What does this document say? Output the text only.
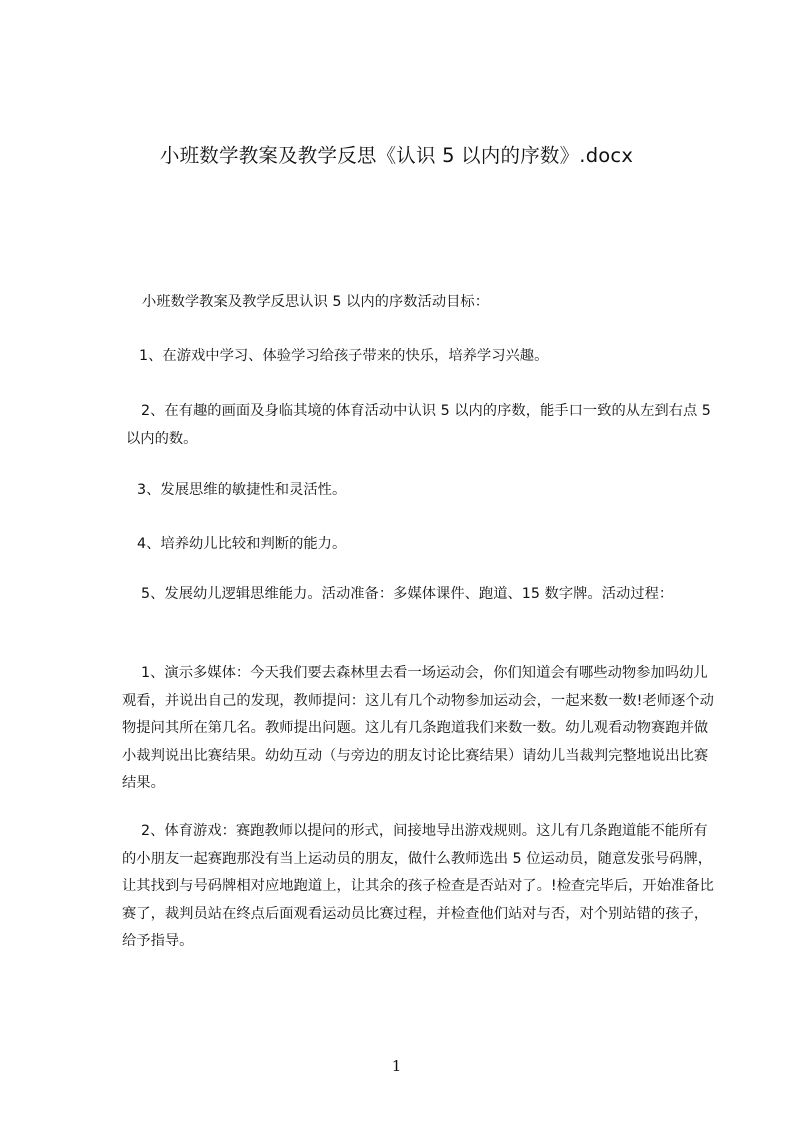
小班数学教案及教学反思《认识 5 以内的序数》.docx

小班数学教案及教学反思认识 5 以内的序数活动目标：

1、在游戏中学习、体验学习给孩子带来的快乐，培养学习兴趣。

2、在有趣的画面及身临其境的体育活动中认识 5 以内的序数，能手口一致的从左到右点 5 以内的数。

3、发展思维的敏捷性和灵活性。

4、培养幼儿比较和判断的能力。

5、发展幼儿逻辑思维能力。活动准备：多媒体课件、跑道、15 数字牌。活动过程：

1、演示多媒体：今天我们要去森林里去看一场运动会，你们知道会有哪些动物参加吗幼儿观看，并说出自己的发现，教师提问：这儿有几个动物参加运动会，一起来数一数!老师逐个动物提问其所在第几名。教师提出问题。这儿有几条跑道我们来数一数。幼儿观看动物赛跑并做小裁判说出比赛结果。幼幼互动（与旁边的朋友讨论比赛结果）请幼儿当裁判完整地说出比赛结果。

2、体育游戏：赛跑教师以提问的形式，间接地导出游戏规则。这儿有几条跑道能不能所有的小朋友一起赛跑那没有当上运动员的朋友，做什么教师选出 5 位运动员，随意发张号码牌，让其找到与号码牌相对应地跑道上，让其余的孩子检查是否站对了。!检查完毕后，开始准备比赛了，裁判员站在终点后面观看运动员比赛过程，并检查他们站对与否，对个别站错的孩子，给予指导。

1
